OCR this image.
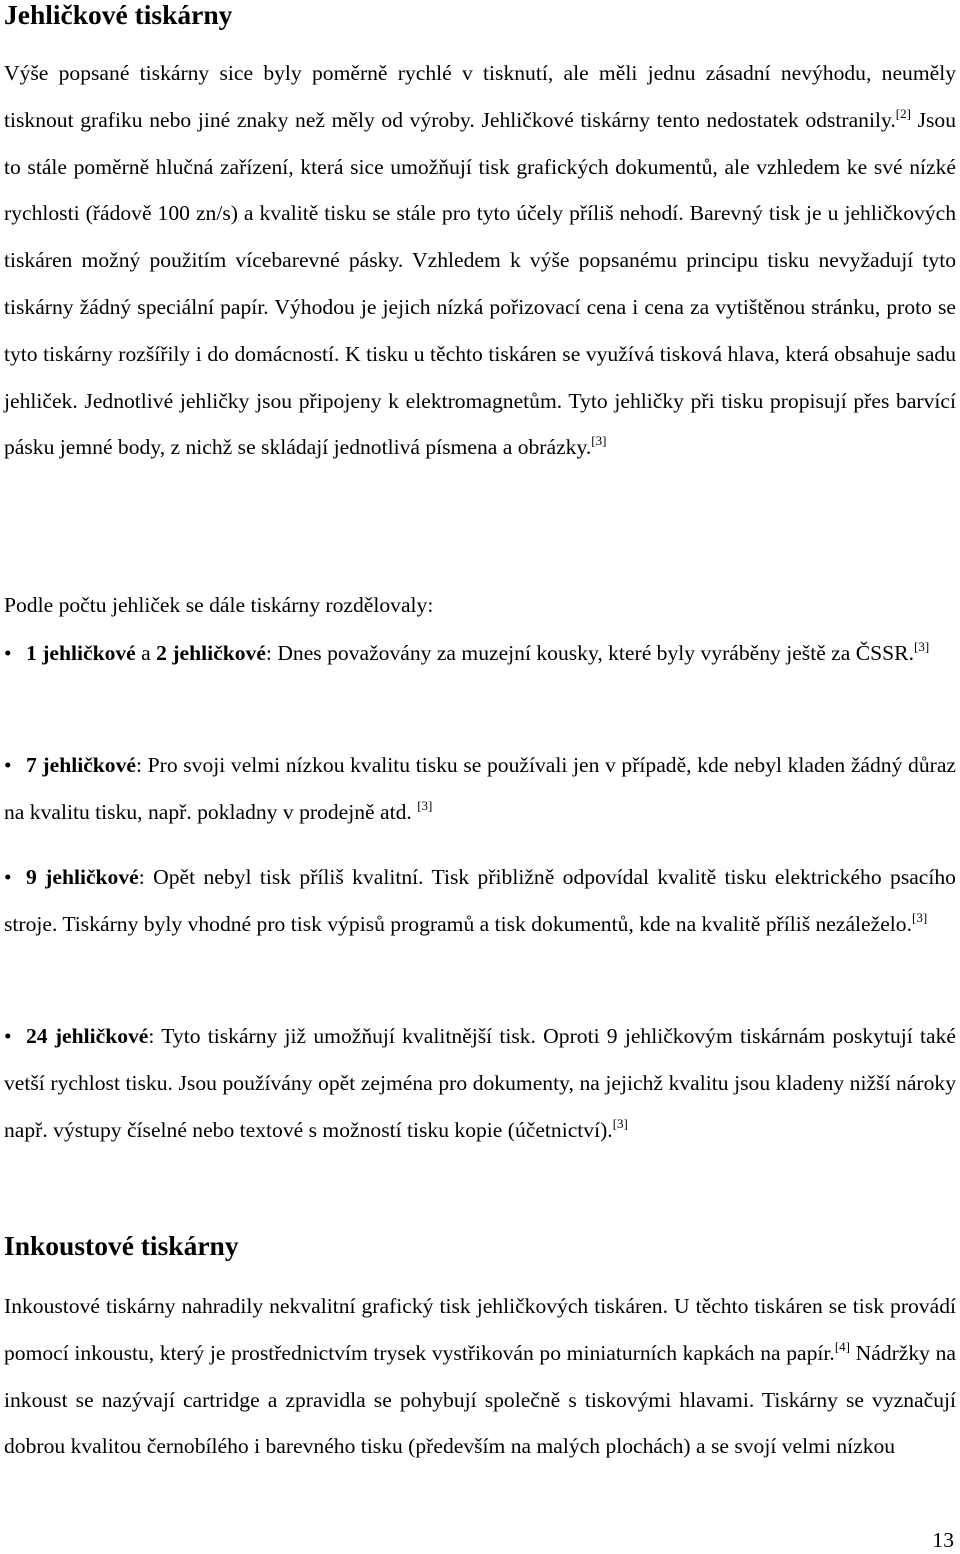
Jehličkové tiskárny

Výše popsané tiskárny sice byly poměrně rychlé v tisknutí, ale měli jednu zásadní nevýhodu, neuměly tisknout grafiku nebo jiné znaky než měly od výroby. Jehličkové tiskárny tento nedostatek odstranily.[2] Jsou to stále poměrně hlučná zařízení, která sice umožňují tisk grafických dokumentů, ale vzhledem ke své nízké rychlosti (řádově 100 zn/s) a kvalitě tisku se stále pro tyto účely příliš nehodí. Barevný tisk je u jehličkových tiskáren možný použitím vícebarevné pásky. Vzhledem k výše popsanému principu tisku nevyžadují tyto tiskárny žádný speciální papír. Výhodou je jejich nízká pořizovací cena i cena za vytištěnou stránku, proto se tyto tiskárny rozšířily i do domácností. K tisku u těchto tiskáren se využívá tisková hlava, která obsahuje sadu jehliček. Jednotlivé jehličky jsou připojeny k elektromagnetům. Tyto jehličky při tisku propisují přes barvící pásku jemné body, z nichž se skládají jednotlivá písmena a obrázky.[3]

Podle počtu jehliček se dále tiskárny rozdělovaly:

• 1 jehličkové a 2 jehličkové: Dnes považovány za muzejní kousky, které byly vyráběny ještě za ČSSR.[3]

• 7 jehličkové: Pro svoji velmi nízkou kvalitu tisku se používali jen v případě, kde nebyl kladen žádný důraz na kvalitu tisku, např. pokladny v prodejně atd. [3]

• 9 jehličkové: Opět nebyl tisk příliš kvalitní. Tisk přibližně odpovídal kvalitě tisku elektrického psacího stroje. Tiskárny byly vhodné pro tisk výpisů programů a tisk dokumentů, kde na kvalitě příliš nezáleželo.[3]

• 24 jehličkové: Tyto tiskárny již umožňují kvalitnější tisk. Oproti 9 jehličkovým tiskárnám poskytují také vetší rychlost tisku. Jsou používány opět zejména pro dokumenty, na jejichž kvalitu jsou kladeny nižší nároky např. výstupy číselné nebo textové s možností tisku kopie (účetnictví).[3]

Inkoustové tiskárny

Inkoustové tiskárny nahradily nekvalitní grafický tisk jehličkových tiskáren. U těchto tiskáren se tisk provádí pomocí inkoustu, který je prostřednictvím trysek vystřikován po miniaturních kapkách na papír.[4] Nádržky na inkoust se nazývají cartridge a zpravidla se pohybují společně s tiskovými hlavami. Tiskárny se vyznačují dobrou kvalitou černobílého i barevného tisku (především na malých plochách) a se svojí velmi nízkou

13
